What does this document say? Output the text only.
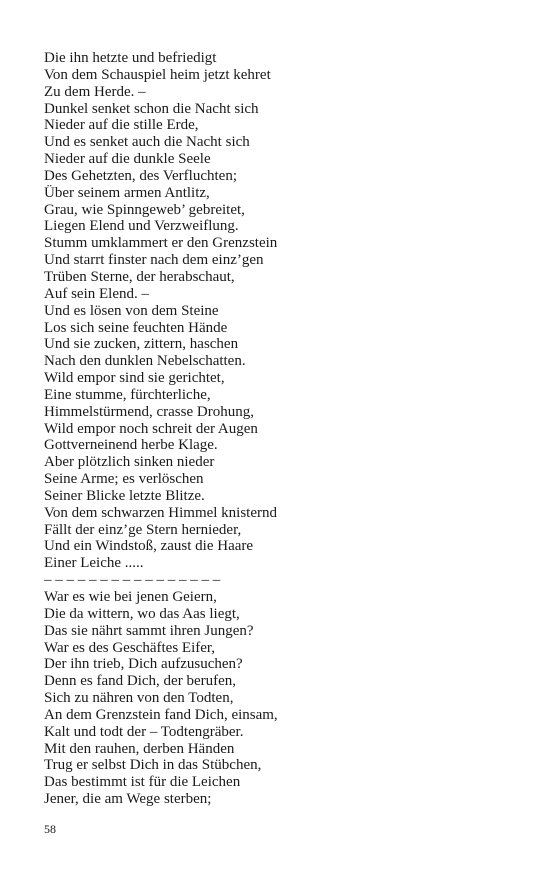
Die ihn hetzte und befriedigt
Von dem Schauspiel heim jetzt kehret
Zu dem Herde. –
Dunkel senket schon die Nacht sich
Nieder auf die stille Erde,
Und es senket auch die Nacht sich
Nieder auf die dunkle Seele
Des Gehetzten, des Verfluchten;
Über seinem armen Antlitz,
Grau, wie Spinngeweb’ gebreitet,
Liegen Elend und Verzweiflung.
Stumm umklammert er den Grenzstein
Und starrt finster nach dem einz’gen
Trüben Sterne, der herabschaut,
Auf sein Elend. –
Und es lösen von dem Steine
Los sich seine feuchten Hände
Und sie zucken, zittern, haschen
Nach den dunklen Nebelschatten.
Wild empor sind sie gerichtet,
Eine stumme, fürchterliche,
Himmelstürmend, crasse Drohung,
Wild empor noch schreit der Augen
Gottverneinend herbe Klage.
Aber plötzlich sinken nieder
Seine Arme; es verlöschen
Seiner Blicke letzte Blitze.
Von dem schwarzen Himmel knisternd
Fällt der einz’ge Stern hernieder,
Und ein Windstoß, zaust die Haare
Einer Leiche .....
– – – – – – – – – – – – – – – –
War es wie bei jenen Geiern,
Die da wittern, wo das Aas liegt,
Das sie nährt sammt ihren Jungen?
War es des Geschäftes Eifer,
Der ihn trieb, Dich aufzusuchen?
Denn es fand Dich, der berufen,
Sich zu nähren von den Todten,
An dem Grenzstein fand Dich, einsam,
Kalt und todt der – Todtengräber.
Mit den rauhen, derben Händen
Trug er selbst Dich in das Stübchen,
Das bestimmt ist für die Leichen
Jener, die am Wege sterben;
58
